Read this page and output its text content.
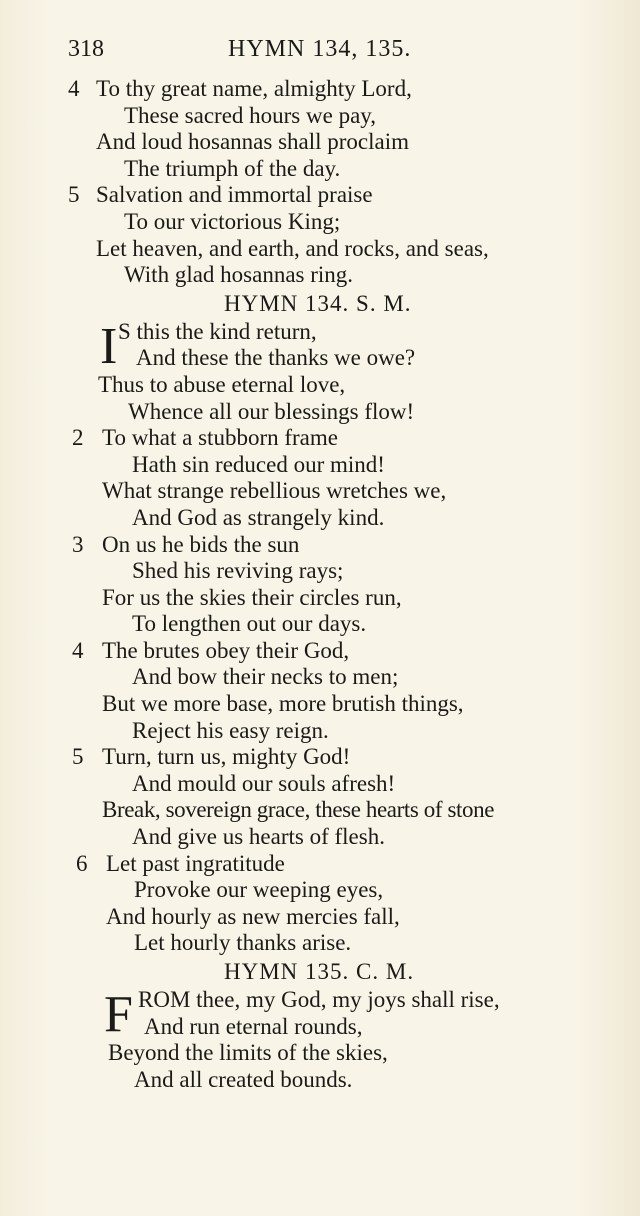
318	HYMN 134, 135.
4 To thy great name, almighty Lord,
These sacred hours we pay,
And loud hosannas shall proclaim
The triumph of the day.
5 Salvation and immortal praise
To our victorious King;
Let heaven, and earth, and rocks, and seas,
With glad hosannas ring.
HYMN 134. S. M.
I S this the kind return,
And these the thanks we owe?
Thus to abuse eternal love,
Whence all our blessings flow!
2 To what a stubborn frame
Hath sin reduced our mind!
What strange rebellious wretches we,
And God as strangely kind.
3 On us he bids the sun
Shed his reviving rays;
For us the skies their circles run,
To lengthen out our days.
4 The brutes obey their God,
And bow their necks to men;
But we more base, more brutish things,
Reject his easy reign.
5 Turn, turn us, mighty God!
And mould our souls afresh!
Break, sovereign grace, these hearts of stone
And give us hearts of flesh.
6 Let past ingratitude
Provoke our weeping eyes,
And hourly as new mercies fall,
Let hourly thanks arise.
HYMN 135. C. M.
F ROM thee, my God, my joys shall rise,
And run eternal rounds,
Beyond the limits of the skies,
And all created bounds.
